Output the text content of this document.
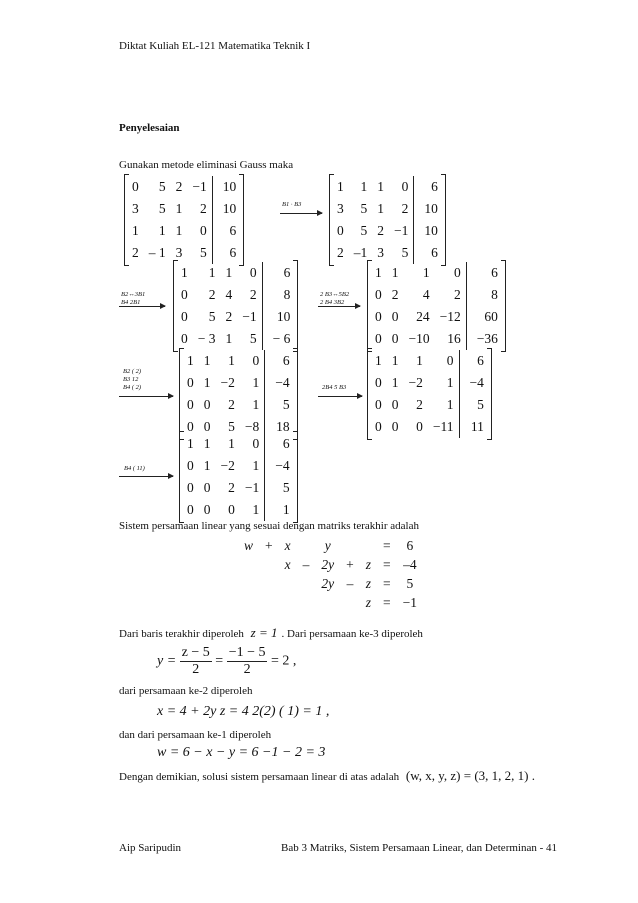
Diktat Kuliah EL-121 Matematika Teknik I
Penyelesaian
Gunakan metode eliminasi Gauss maka
0	5	2	−1	10
3	5	1	2	10
1	1	1	0	6
2	– 1	3	5	6
B1 · B3
1	1	1	0	6
3	5	1	2	10
0	5	2	−1	10
2	–1	3	5	6
B2↔3B1
B4 2B1
1	1	1	0	6
0	2	4	2	8
0	5	2	−1	10
0	− 3	1	5	− 6
2 B3↔5B2
2 B4 3B2
1	1	1	0	6
0	2	4	2	8
0	0	24	−12	60
0	0	−10	16	−36
B2 ( 2)
B3 12
B4 ( 2)
1	1	1	0	6
0	1	−2	1	−4
0	0	2	1	5
0	0	5	−8	18
2B4 5 B3
1	1	1	0	6
0	1	−2	1	−4
0	0	2	1	5
0	0	0	−11	11
B4 ( 11)
1	1	1	0	6
0	1	−2	1	−4
0	0	2	−1	5
0	0	0	1	1
Sistem persamaan linear yang sesuai dengan matriks terakhir adalah
w	+	x		y			=	6
		x	–	2y	+	z	=	–4
				2y	–	z	=	5
						z	=	−1
Dari baris terakhir diperoleh z = 1 . Dari persamaan ke-3 diperoleh
$y = \frac{z - 5}{2} = \frac{-1 - 5}{2} = 2$ ,
dari persamaan ke-2 diperoleh
x = 4 + 2y z = 4 2(2) ( 1) = 1 ,
dan dari persamaan ke-1 diperoleh
w = 6 − x − y = 6 −1 − 2 = 3
Dengan demikian, solusi sistem persamaan linear di atas adalah (w, x, y, z) = (3, 1, 2, 1) .
Aip Saripudin	Bab 3 Matriks, Sistem Persamaan Linear, dan Determinan - 41
